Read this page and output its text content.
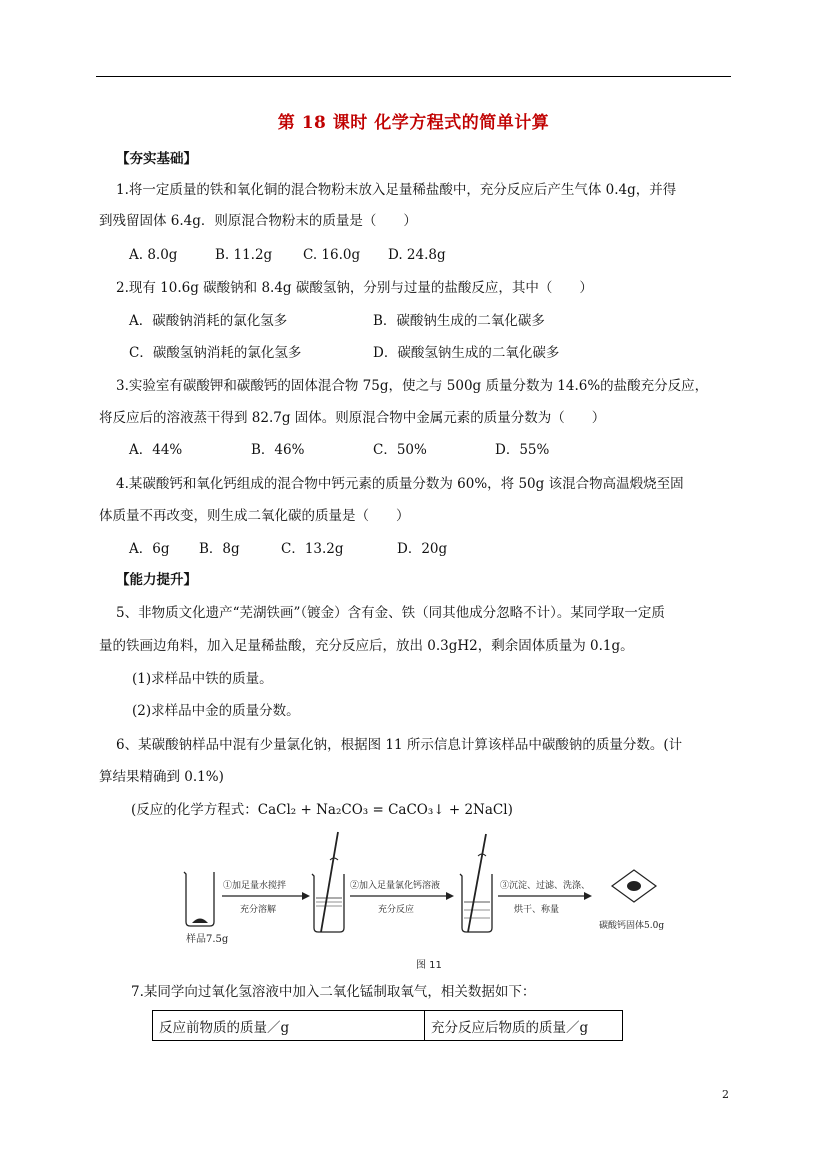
第 18 课时 化学方程式的简单计算
【夯实基础】
1.将一定质量的铁和氧化铜的混合物粉末放入足量稀盐酸中，充分反应后产生气体 0.4g，并得
到残留固体 6.4g．则原混合物粉末的质量是（　　）
A. 8.0g	B. 11.2g C. 16.0g D. 24.8g
2.现有 10.6g 碳酸钠和 8.4g 碳酸氢钠，分别与过量的盐酸反应，其中（　　）
A．碳酸钠消耗的氯化氢多	B．碳酸钠生成的二氧化碳多
C．碳酸氢钠消耗的氯化氢多	D．碳酸氢钠生成的二氧化碳多
3.实验室有碳酸钾和碳酸钙的固体混合物 75g，使之与 500g 质量分数为 14.6%的盐酸充分反应，
将反应后的溶液蒸干得到 82.7g 固体。则原混合物中金属元素的质量分数为（　　）
A．44%	B．46%	C．50%	D．55%
4.某碳酸钙和氧化钙组成的混合物中钙元素的质量分数为 60%，将 50g 该混合物高温煅烧至固
体质量不再改变，则生成二氧化碳的质量是（　　）
A．6g B．8g	C．13.2g	D．20g
【能力提升】
5、非物质文化遗产“芜湖铁画”（镀金）含有金、铁（同其他成分忽略不计）。某同学取一定质
量的铁画边角料，加入足量稀盐酸，充分反应后，放出 0.3gH2，剩余固体质量为 0.1g。
(1)求样品中铁的质量。
(2)求样品中金的质量分数。
6、某碳酸钠样品中混有少量氯化钠，根据图 11 所示信息计算该样品中碳酸钠的质量分数。(计
算结果精确到 0.1%)
(反应的化学方程式：CaCl₂ + Na₂CO₃ = CaCO₃↓ + 2NaCl)
样品7.5g
①加足量水搅拌
充分溶解
②加入足量氯化钙溶液
充分反应
③沉淀、过滤、洗涤、
烘干、称量
碳酸钙固体5.0g
图 11
7.某同学向过氧化氢溶液中加入二氧化锰制取氧气，相关数据如下：
反应前物质的质量／g	充分反应后物质的质量／g
2
